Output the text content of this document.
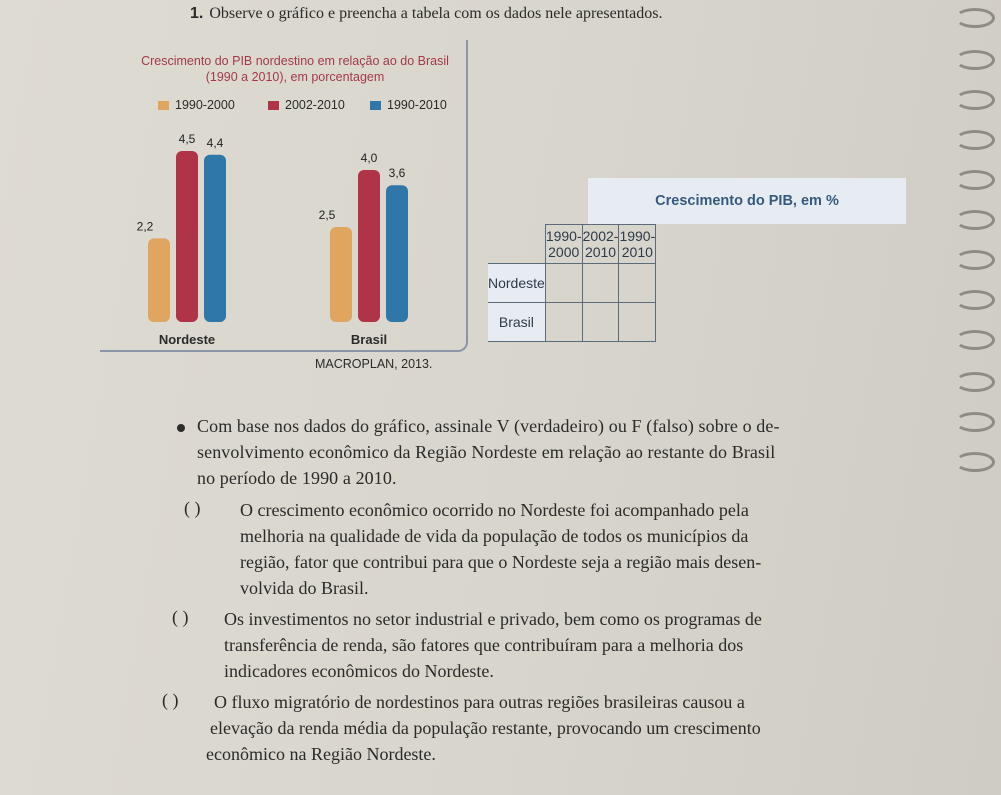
1. Observe o gráfico e preencha a tabela com os dados nele apresentados.
Crescimento do PIB nordestino em relação ao do Brasil (1990 a 2010), em porcentagem
1990-2000	2002-2010	1990-2010
2,2
4,5 4,4
Nordeste
2,5
4,0
3,6
Brasil
MACROPLAN, 2013.
Crescimento do PIB, em %
	1990-2000	2002-2010	1990-2010
Nordeste			
Brasil			
Com base nos dados do gráfico, assinale V (verdadeiro) ou F (falso) sobre o de-
senvolvimento econômico da Região Nordeste em relação ao restante do Brasil
no período de 1990 a 2010.
( ) O crescimento econômico ocorrido no Nordeste foi acompanhado pela
melhoria na qualidade de vida da população de todos os municípios da
região, fator que contribui para que o Nordeste seja a região mais desen-
volvida do Brasil.
( ) Os investimentos no setor industrial e privado, bem como os programas de
transferência de renda, são fatores que contribuíram para a melhoria dos
indicadores econômicos do Nordeste.
( ) O fluxo migratório de nordestinos para outras regiões brasileiras causou a
elevação da renda média da população restante, provocando um crescimento
econômico na Região Nordeste.
